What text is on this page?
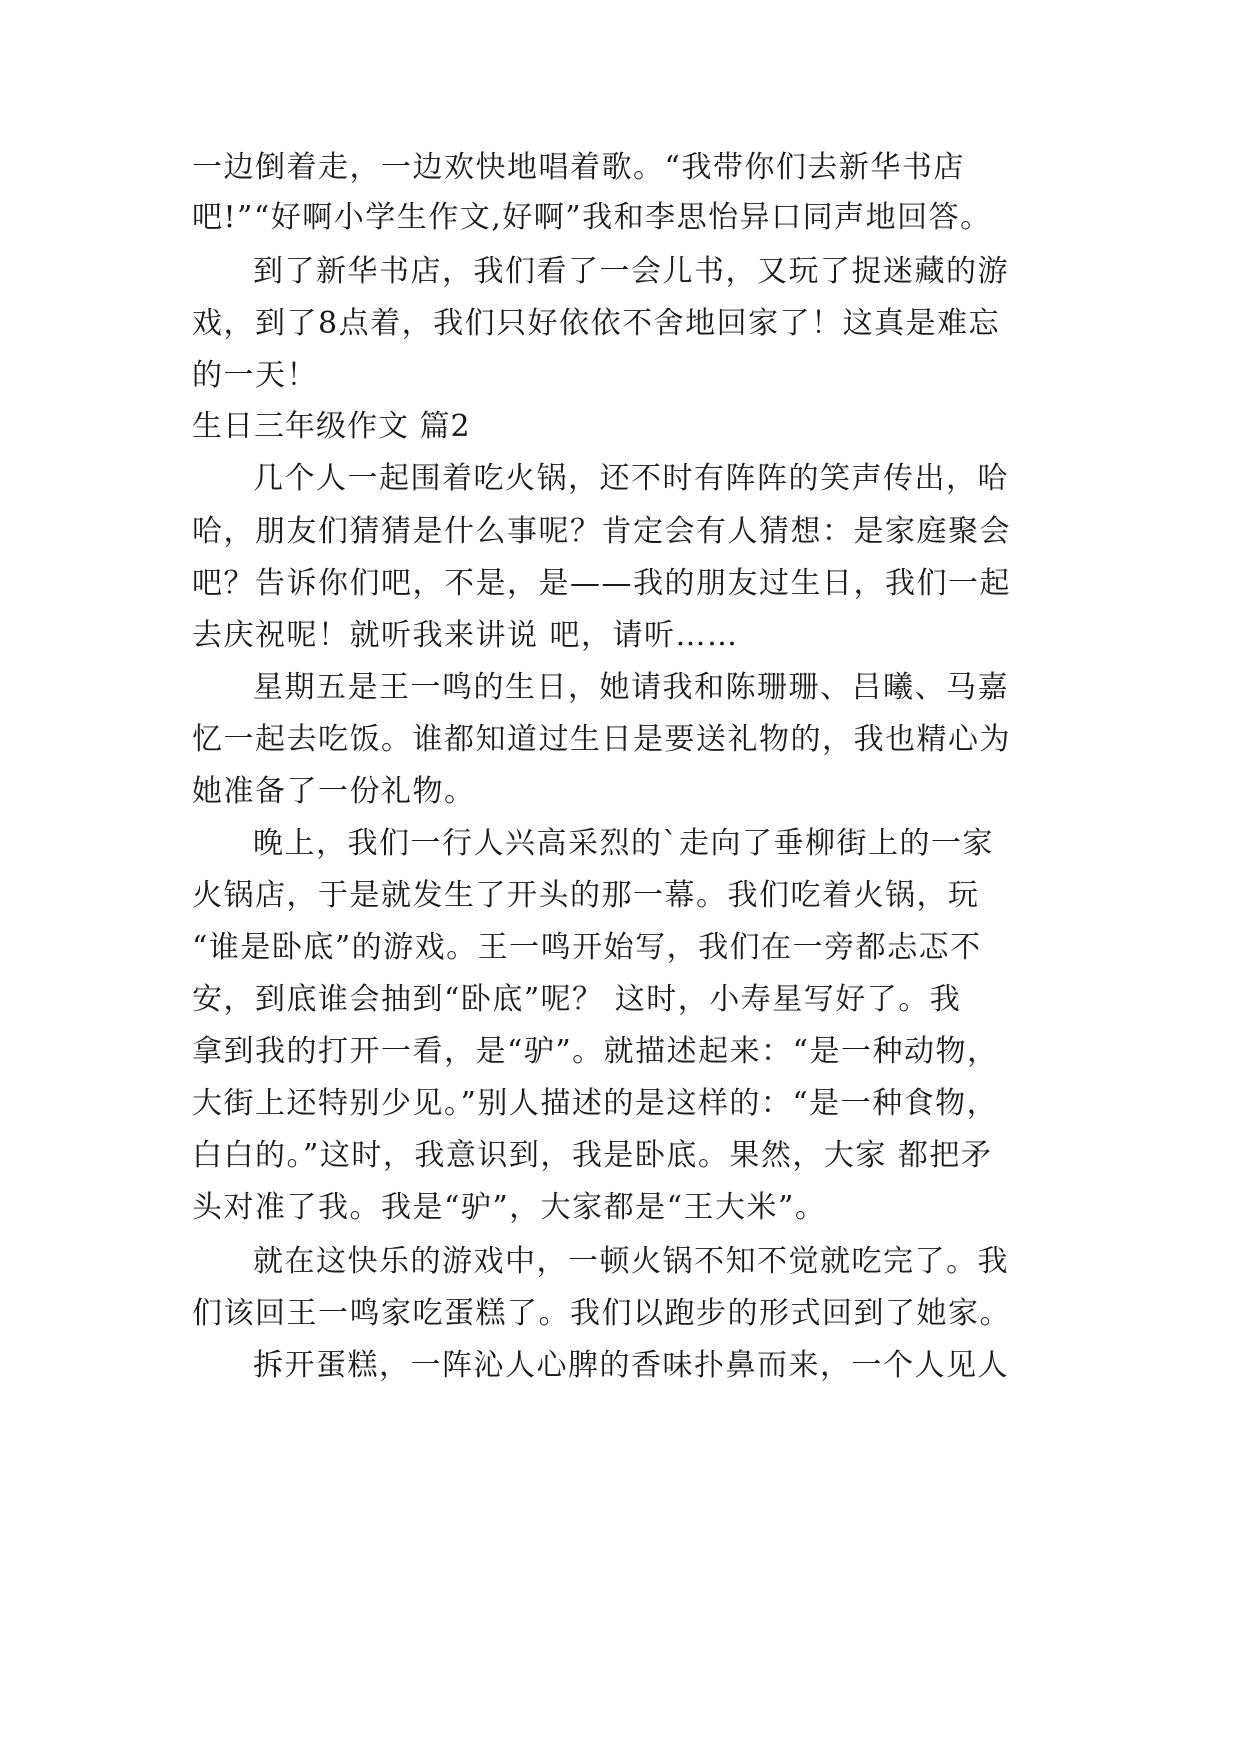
一边倒着走，一边欢快地唱着歌。“我带你们去新华书店
吧!”“好啊小学生作文,好啊”我和李思怡异口同声地回答。
到了新华书店，我们看了一会儿书，又玩了捉迷藏的游
戏，到了8点着，我们只好依依不舍地回家了！这真是难忘
的一天！
生日三年级作文 篇2
几个人一起围着吃火锅，还不时有阵阵的笑声传出，哈
哈，朋友们猜猜是什么事呢？肯定会有人猜想：是家庭聚会
吧？告诉你们吧，不是，是——我的朋友过生日，我们一起
去庆祝呢！就听我来讲说 吧，请听……
星期五是王一鸣的生日，她请我和陈珊珊、吕曦、马嘉
忆一起去吃饭。谁都知道过生日是要送礼物的，我也精心为
她准备了一份礼物。
晚上，我们一行人兴高采烈的`走向了垂柳街上的一家
火锅店，于是就发生了开头的那一幕。我们吃着火锅，玩
“谁是卧底”的游戏。王一鸣开始写，我们在一旁都忐忑不
安，到底谁会抽到“卧底”呢？ 这时，小寿星写好了。我
拿到我的打开一看，是“驴”。就描述起来：“是一种动物，
大街上还特别少见。”别人描述的是这样的：“是一种食物，
白白的。”这时，我意识到，我是卧底。果然，大家 都把矛
头对准了我。我是“驴”，大家都是“王大米”。
就在这快乐的游戏中，一顿火锅不知不觉就吃完了。我
们该回王一鸣家吃蛋糕了。我们以跑步的形式回到了她家。
拆开蛋糕，一阵沁人心脾的香味扑鼻而来，一个人见人
